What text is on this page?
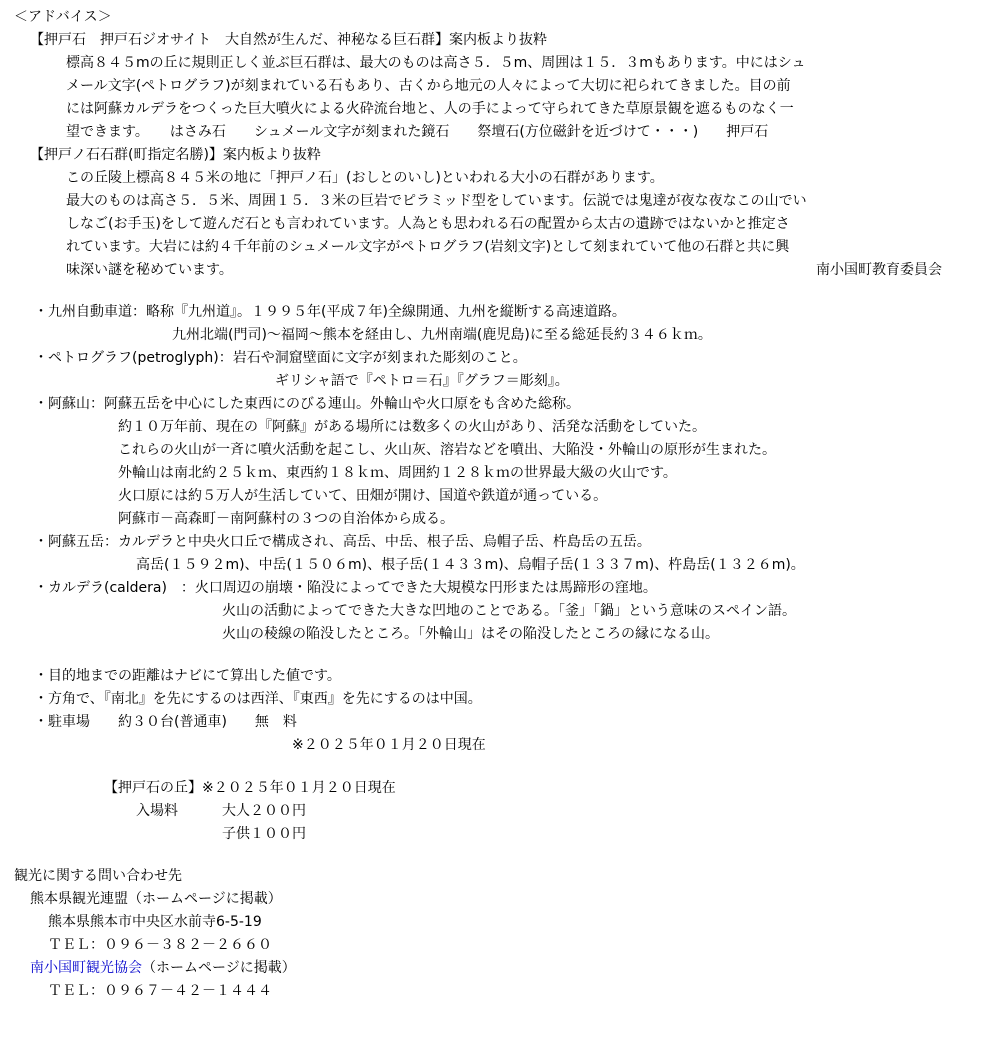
＜アドバイス＞
【押戸石　押戸石ジオサイト　大自然が生んだ、神秘なる巨石群】案内板より抜粋
標高８４５mの丘に規則正しく並ぶ巨石群は、最大のものは高さ５．５m、周囲は１５．３mもあります。中にはシュ
メール文字(ペトログラフ)が刻まれている石もあり、古くから地元の人々によって大切に祀られてきました。目の前
には阿蘇カルデラをつくった巨大噴火による火砕流台地と、人の手によって守られてきた草原景観を遮るものなく一
望できます。　　はさみ石　　シュメール文字が刻まれた鏡石　　祭壇石(方位磁針を近づけて・・・)　　押戸石
【押戸ノ石石群(町指定名勝)】案内板より抜粋
この丘陵上標高８４５米の地に「押戸ノ石」(おしとのいし)といわれる大小の石群があります。
最大のものは高さ５．５米、周囲１５．３米の巨岩でピラミッド型をしています。伝説では鬼達が夜な夜なこの山でい
しなご(お手玉)をして遊んだ石とも言われています。人為とも思われる石の配置から太古の遺跡ではないかと推定さ
れています。大岩には約４千年前のシュメール文字がペトログラフ(岩刻文字)として刻まれていて他の石群と共に興
味深い謎を秘めています。	南小国町教育委員会
・九州自動車道：略称『九州道』。１９９５年(平成７年)全線開通、九州を縦断する高速道路。
九州北端(門司)～福岡～熊本を経由し、九州南端(鹿児島)に至る総延長約３４６ｋｍ。
・ペトログラフ(petroglyph)：岩石や洞窟壁面に文字が刻まれた彫刻のこと。
ギリシャ語で『ペトロ＝石』『グラフ＝彫刻』。
・阿蘇山：阿蘇五岳を中心にした東西にのびる連山。外輪山や火口原をも含めた総称。
約１０万年前、現在の『阿蘇』がある場所には数多くの火山があり、活発な活動をしていた。
これらの火山が一斉に噴火活動を起こし、火山灰、溶岩などを噴出、大陥没・外輪山の原形が生まれた。
外輪山は南北約２５ｋｍ、東西約１８ｋｍ、周囲約１２８ｋｍの世界最大級の火山です。
火口原には約５万人が生活していて、田畑が開け、国道や鉄道が通っている。
阿蘇市－高森町－南阿蘇村の３つの自治体から成る。
・阿蘇五岳：カルデラと中央火口丘で構成され、高岳、中岳、根子岳、烏帽子岳、杵島岳の五岳。
高岳(１５９２m)、中岳(１５０６m)、根子岳(１４３３m)、烏帽子岳(１３３７m)、杵島岳(１３２６m)。
・カルデラ(caldera)　：火口周辺の崩壊・陥没によってできた大規模な円形または馬蹄形の窪地。
火山の活動によってできた大きな凹地のことである。「釜」「鍋」という意味のスペイン語。
火山の稜線の陥没したところ。「外輪山」はその陥没したところの縁になる山。
・目的地までの距離はナビにて算出した値です。
・方角で、『南北』を先にするのは西洋、『東西』を先にするのは中国。
・駐車場　　約３０台(普通車)　　無　料
※２０２５年０１月２０日現在
【押戸石の丘】※２０２５年０１月２０日現在
入場料	大人２００円
子供１００円
観光に関する問い合わせ先
熊本県観光連盟（ホームページに掲載）
熊本県熊本市中央区水前寺6-5-19
ＴＥＬ：０９６－３８２－２６６０
南小国町観光協会（ホームページに掲載）
ＴＥＬ：０９６７－４２－１４４４
